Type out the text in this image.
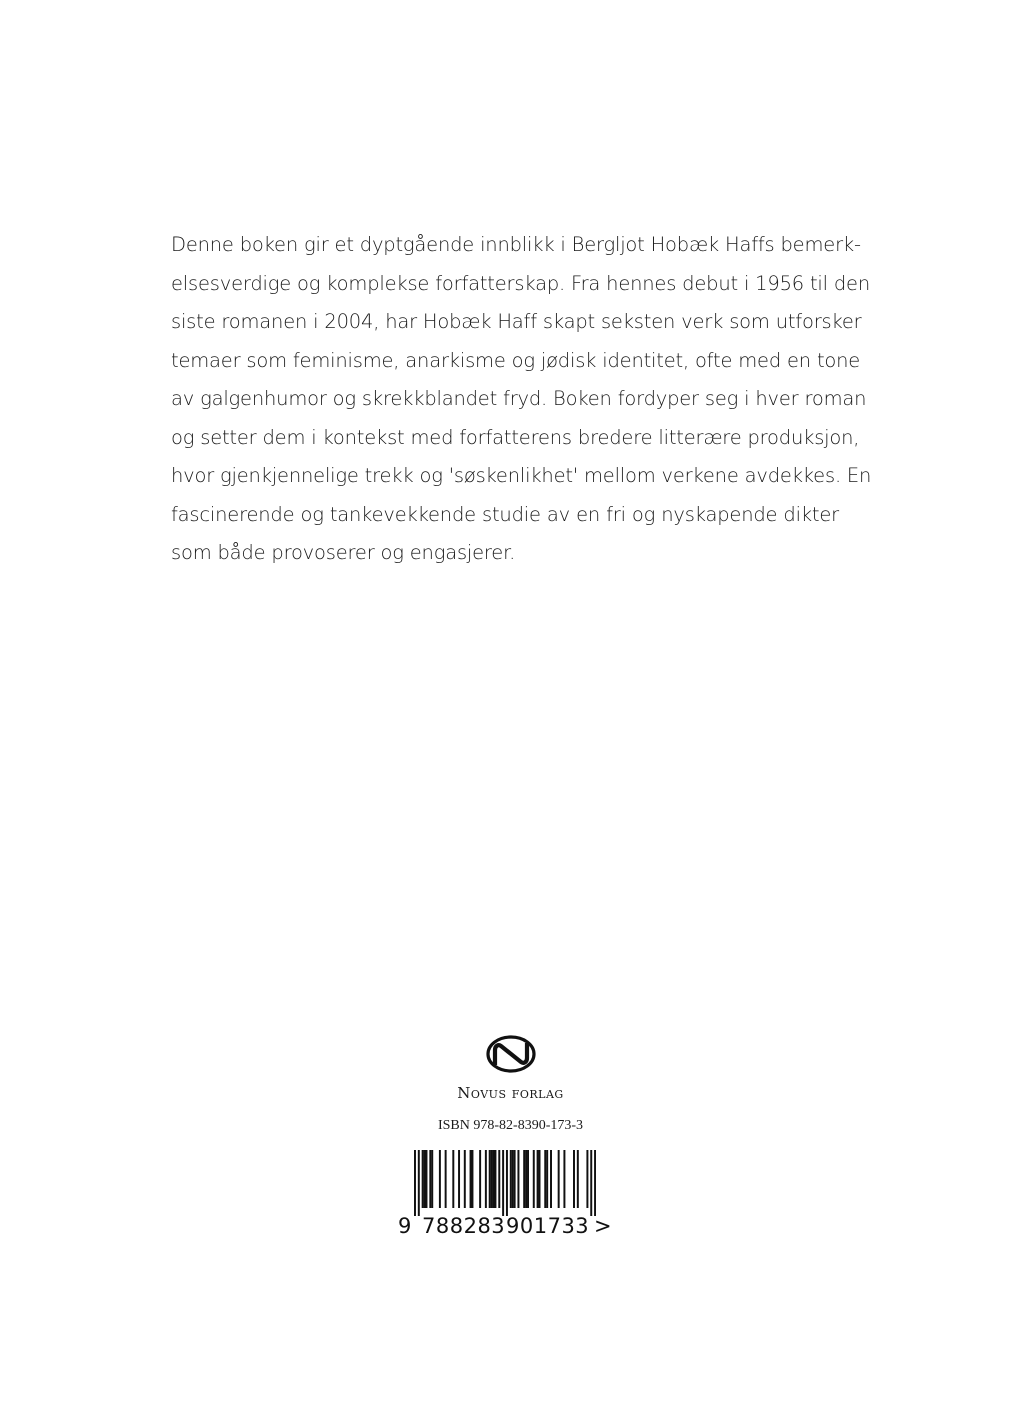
Denne boken gir et dyptgående innblikk i Bergljot Hobæk Haffs bemerk-
elsesverdige og komplekse forfatterskap. Fra hennes debut i 1956 til den
siste romanen i 2004, har Hobæk Haff skapt seksten verk som utforsker
temaer som feminisme, anarkisme og jødisk identitet, ofte med en tone
av galgenhumor og skrekkblandet fryd. Boken fordyper seg i hver roman
og setter dem i kontekst med forfatterens bredere litterære produksjon,
hvor gjenkjennelige trekk og 'søskenlikhet' mellom verkene avdekkes. En
fascinerende og tankevekkende studie av en fri og nyskapende dikter
som både provoserer og engasjerer.
Novus forlag
ISBN 978-82-8390-173-3
9 788283 901733 >
